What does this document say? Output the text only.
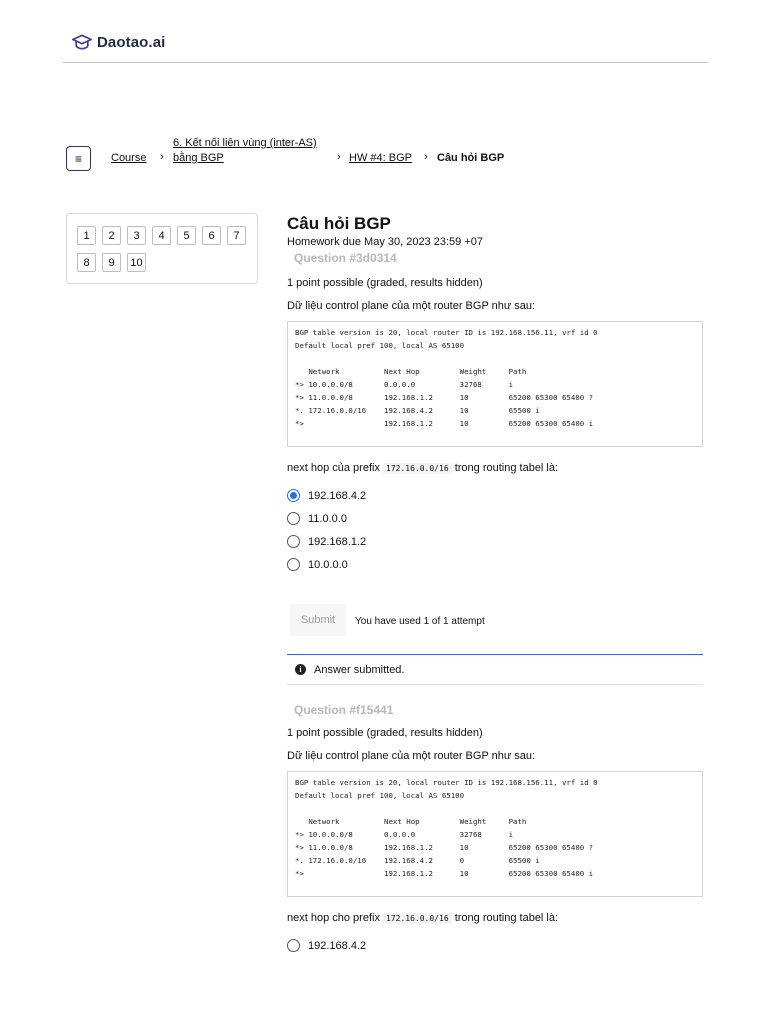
Daotao.ai
≡	Course ›
6. Kết nối liên vùng (inter-AS)
bằng BGP	› HW #4: BGP › Câu hỏi BGP
1	2	3	4	5	6	7
8	9	10
Câu hỏi BGP
Homework due May 30, 2023 23:59 +07
Question #3d0314
1 point possible (graded, results hidden)
Dữ liệu control plane của một router BGP như sau:
BGP table version is 20, local router ID is 192.168.156.11, vrf id 0
Default local pref 100, local AS 65100

Network          Next Hop         Weight     Path
*> 10.0.0.0/8       0.0.0.0          32768      i
*> 11.0.0.0/8       192.168.1.2      10         65200 65300 65400 ?
*. 172.16.0.0/16    192.168.4.2      10         65500 i
*>                  192.168.1.2      10         65200 65300 65400 i
next hop của prefix 172.16.0.0/16 trong routing tabel là:
192.168.4.2
11.0.0.0
192.168.1.2
10.0.0.0
Submit	You have used 1 of 1 attempt
i	Answer submitted.
Question #f15441
1 point possible (graded, results hidden)
Dữ liệu control plane của một router BGP như sau:
BGP table version is 20, local router ID is 192.168.156.11, vrf id 0
Default local pref 100, local AS 65100

Network          Next Hop         Weight     Path
*> 10.0.0.0/8       0.0.0.0          32768      i
*> 11.0.0.0/8       192.168.1.2      10         65200 65300 65400 ?
*. 172.16.0.0/16    192.168.4.2      0          65500 i
*>                  192.168.1.2      10         65200 65300 65400 i
next hop cho prefix 172.16.0.0/16 trong routing tabel là:
192.168.4.2
